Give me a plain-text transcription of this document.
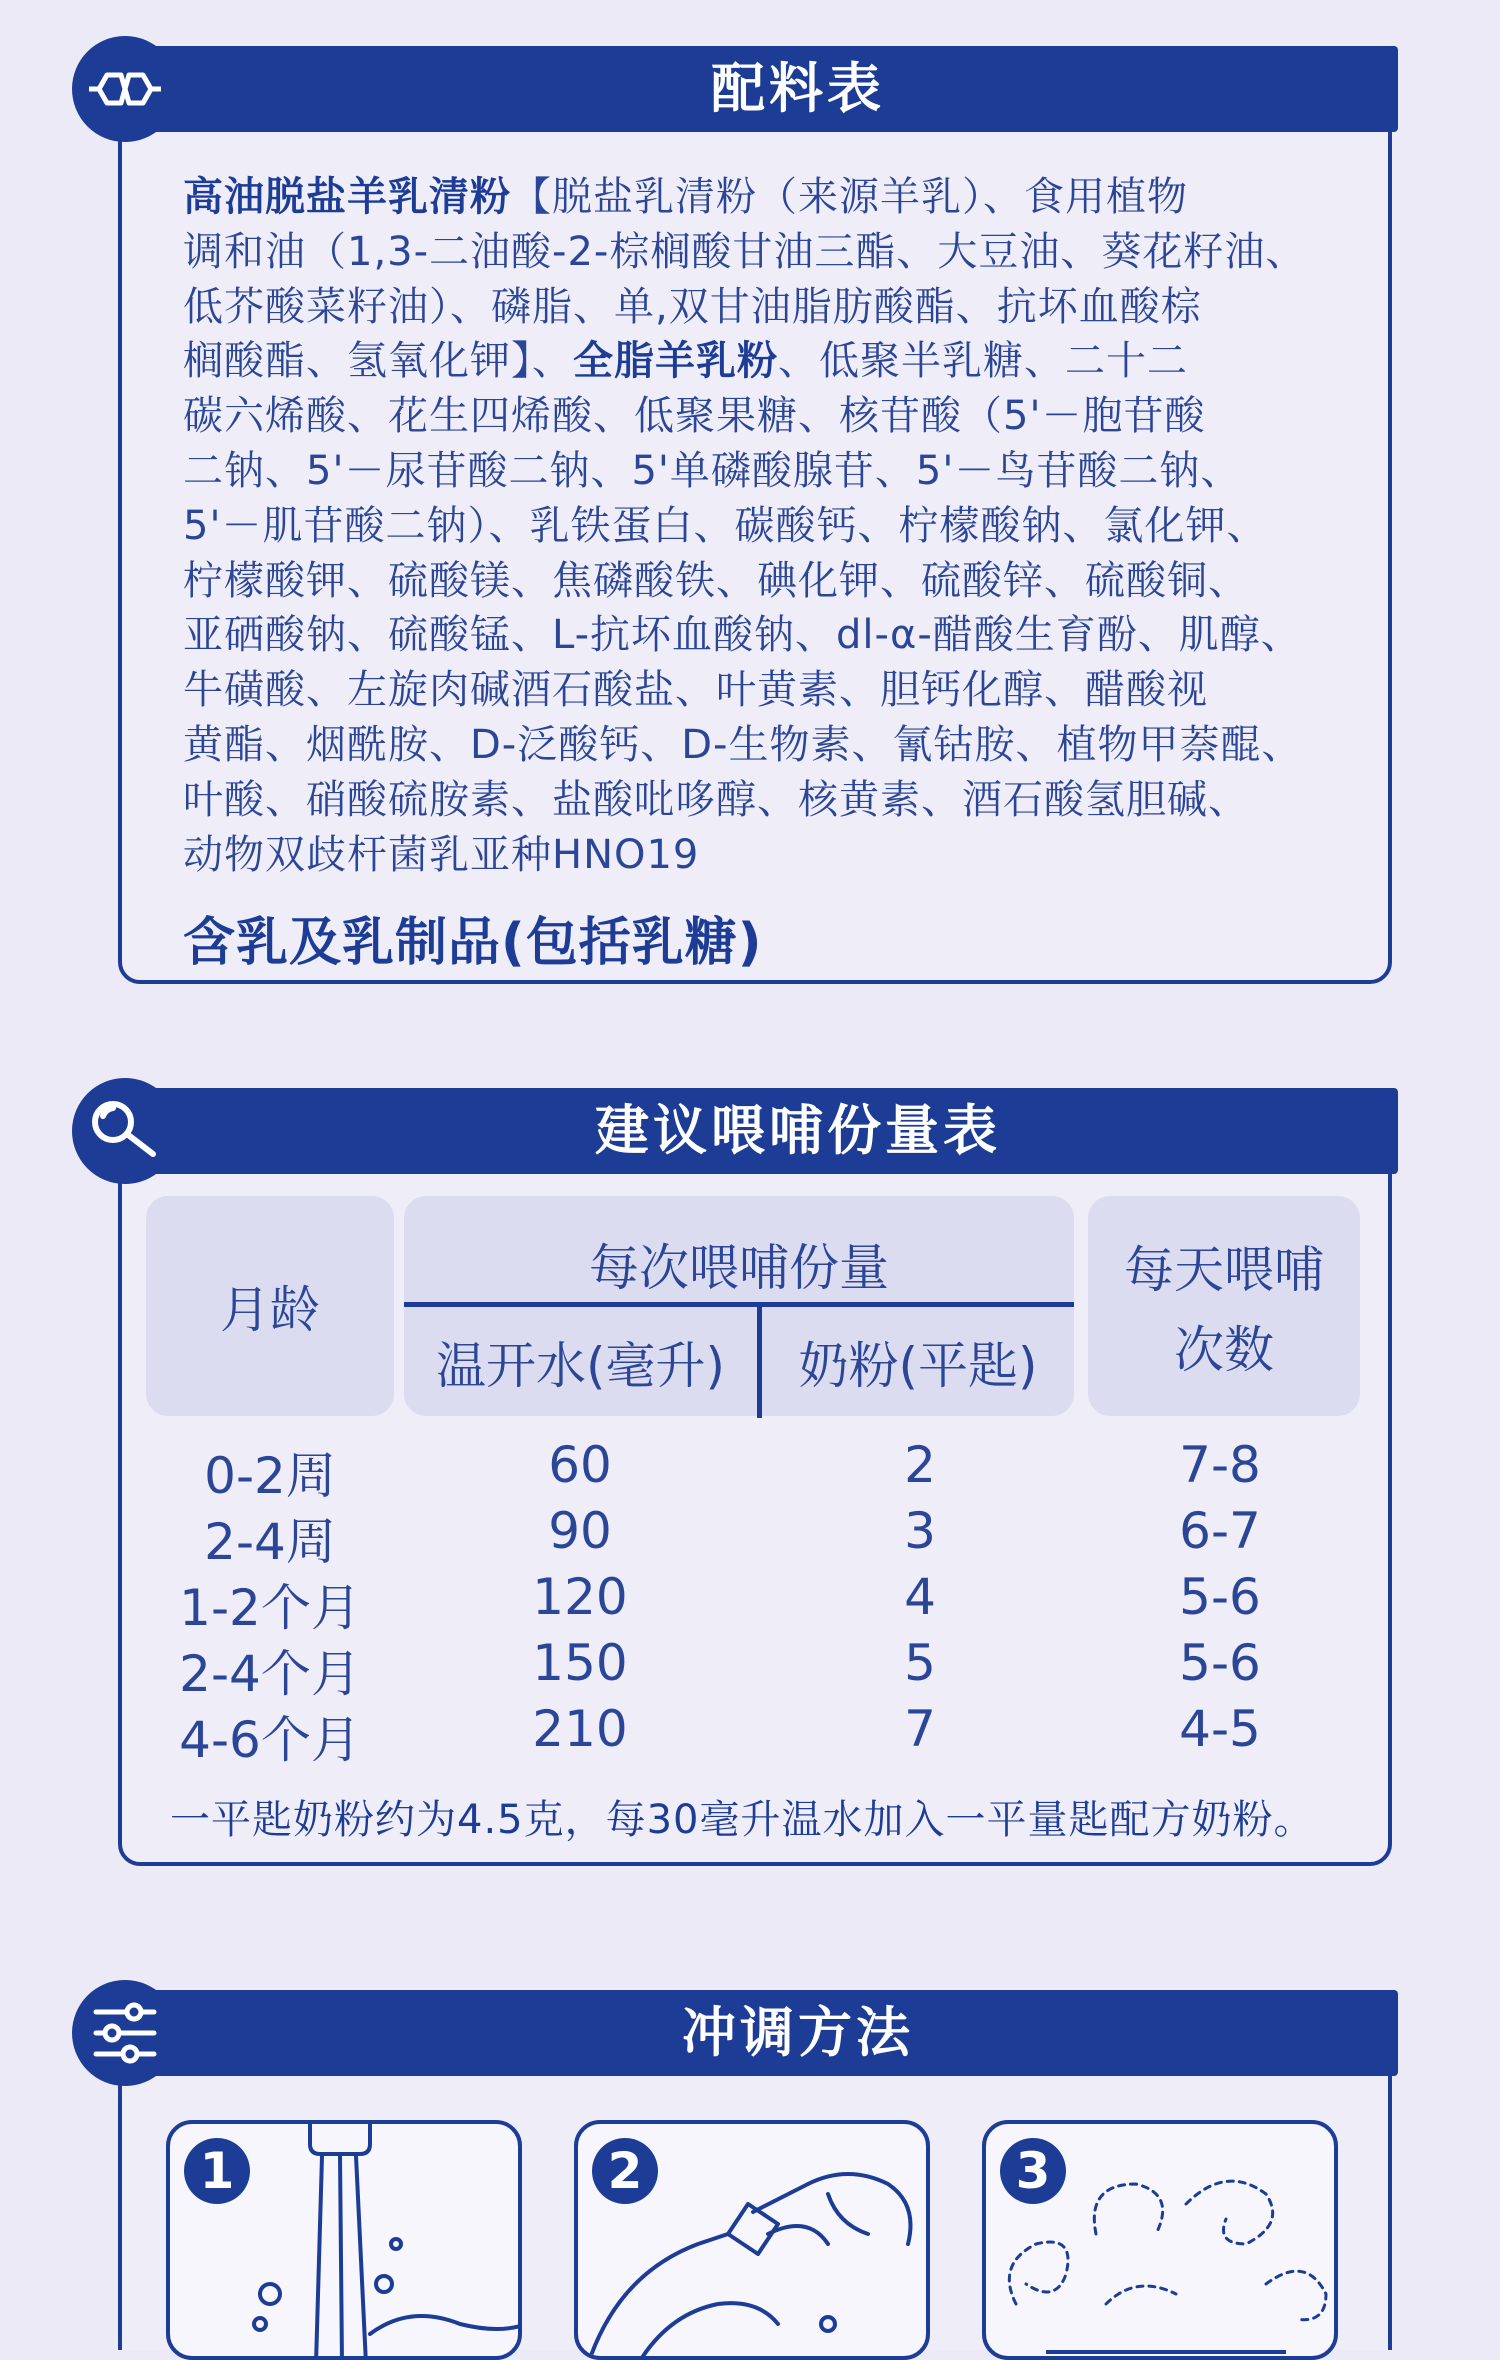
配料表
高油脱盐羊乳清粉【脱盐乳清粉（来源羊乳）、食用植物
调和油（1,3-二油酸-2-棕榈酸甘油三酯、大豆油、葵花籽油、
低芥酸菜籽油）、磷脂、单,双甘油脂肪酸酯、抗坏血酸棕
榈酸酯、氢氧化钾】、全脂羊乳粉、低聚半乳糖、二十二
碳六烯酸、花生四烯酸、低聚果糖、核苷酸（5'－胞苷酸
二钠、5'－尿苷酸二钠、5'单磷酸腺苷、5'－鸟苷酸二钠、
5'－肌苷酸二钠）、乳铁蛋白、碳酸钙、柠檬酸钠、氯化钾、
柠檬酸钾、硫酸镁、焦磷酸铁、碘化钾、硫酸锌、硫酸铜、
亚硒酸钠、硫酸锰、L-抗坏血酸钠、dl-α-醋酸生育酚、肌醇、
牛磺酸、左旋肉碱酒石酸盐、叶黄素、胆钙化醇、醋酸视
黄酯、烟酰胺、D-泛酸钙、D-生物素、氰钴胺、植物甲萘醌、
叶酸、硝酸硫胺素、盐酸吡哆醇、核黄素、酒石酸氢胆碱、
动物双歧杆菌乳亚种HNO19
含乳及乳制品(包括乳糖)
建议喂哺份量表
月龄
每次喂哺份量
温开水(毫升)	奶粉(平匙)
每天喂哺
次数
0-2周	60	2	7-8
2-4周	90	3	6-7
1-2个月	120	4	5-6
2-4个月	150	5	5-6
4-6个月	210	7	4-5
一平匙奶粉约为4.5克，每30毫升温水加入一平量匙配方奶粉。
冲调方法
1	2	3
